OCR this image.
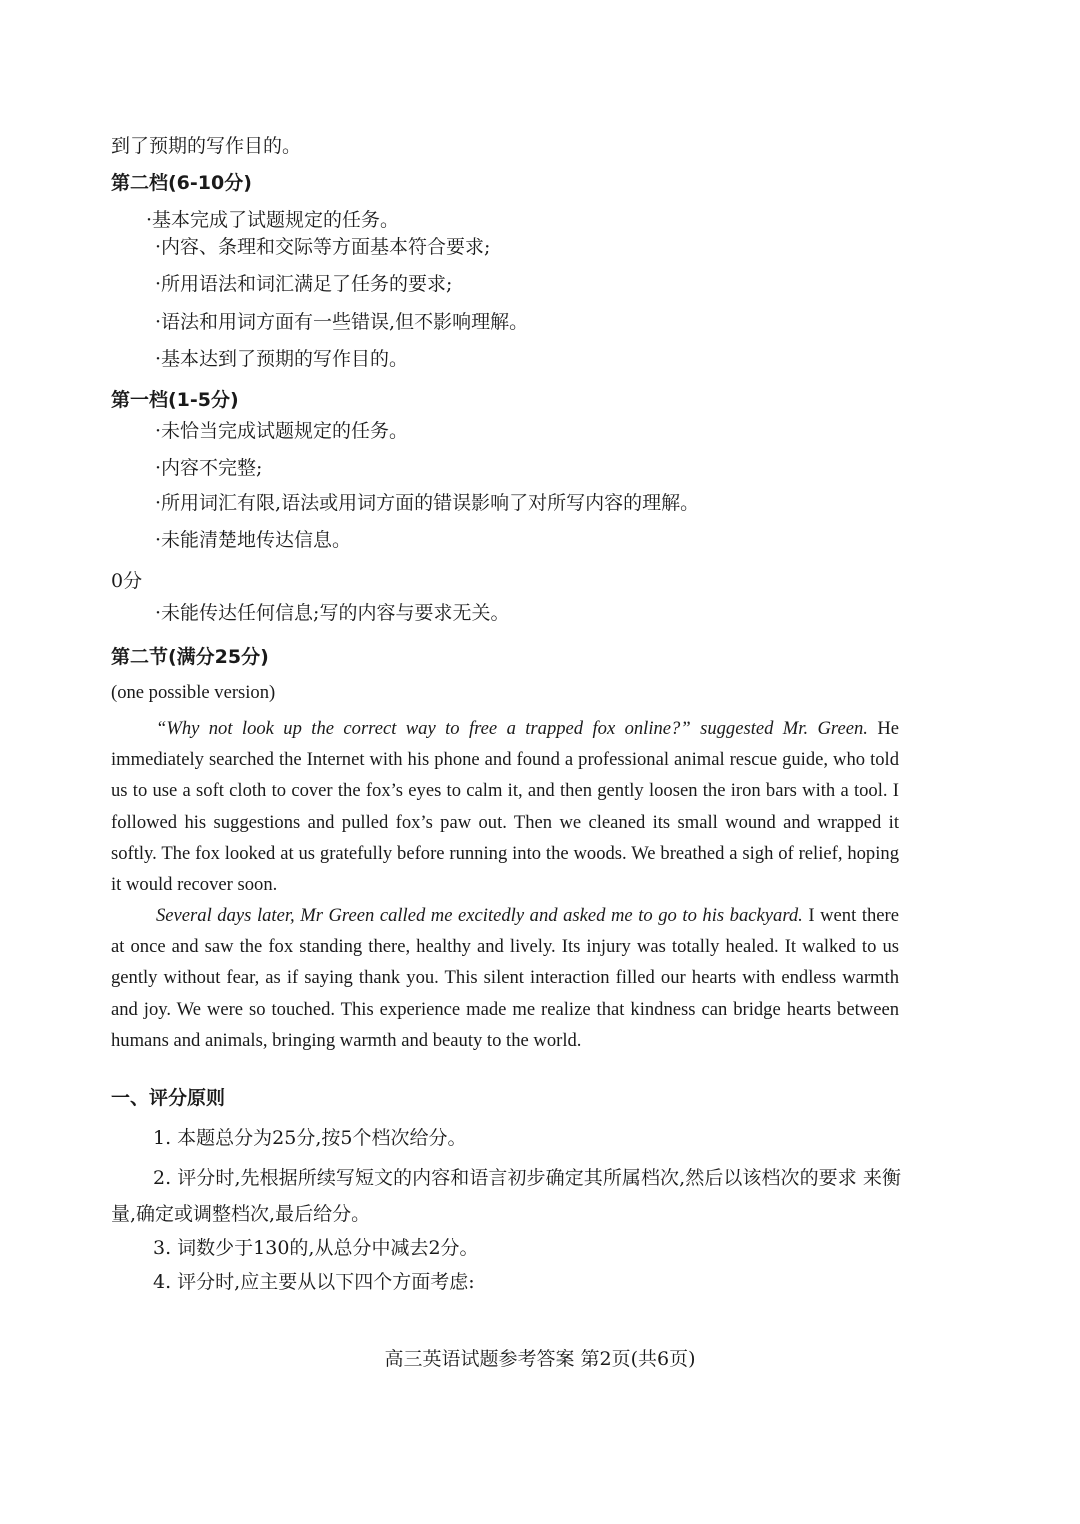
到了预期的写作目的。
第二档(6-10分)
·基本完成了试题规定的任务。
·内容、条理和交际等方面基本符合要求;
·所用语法和词汇满足了任务的要求;
·语法和用词方面有一些错误,但不影响理解。
·基本达到了预期的写作目的。
第一档(1-5分)
·未恰当完成试题规定的任务。
·内容不完整;
·所用词汇有限,语法或用词方面的错误影响了对所写内容的理解。
·未能清楚地传达信息。
0分
·未能传达任何信息;写的内容与要求无关。
第二节(满分25分)
(one possible version)
“Why not look up the correct way to free a trapped fox online?” suggested Mr. Green. He immediately searched the Internet with his phone and found a professional animal rescue guide, who told us to use a soft cloth to cover the fox’s eyes to calm it, and then gently loosen the iron bars with a tool. I followed his suggestions and pulled fox’s paw out. Then we cleaned its small wound and wrapped it softly. The fox looked at us gratefully before running into the woods. We breathed a sigh of relief, hoping it would recover soon.
Several days later, Mr Green called me excitedly and asked me to go to his backyard. I went there at once and saw the fox standing there, healthy and lively. Its injury was totally healed. It walked to us gently without fear, as if saying thank you. This silent interaction filled our hearts with endless warmth and joy. We were so touched. This experience made me realize that kindness can bridge hearts between humans and animals, bringing warmth and beauty to the world.
一、评分原则
1. 本题总分为25分,按5个档次给分。
2. 评分时,先根据所续写短文的内容和语言初步确定其所属档次,然后以该档次的要求 来衡量,确定或调整档次,最后给分。
3. 词数少于130的,从总分中减去2分。
4. 评分时,应主要从以下四个方面考虑:
高三英语试题参考答案 第2页(共6页)
